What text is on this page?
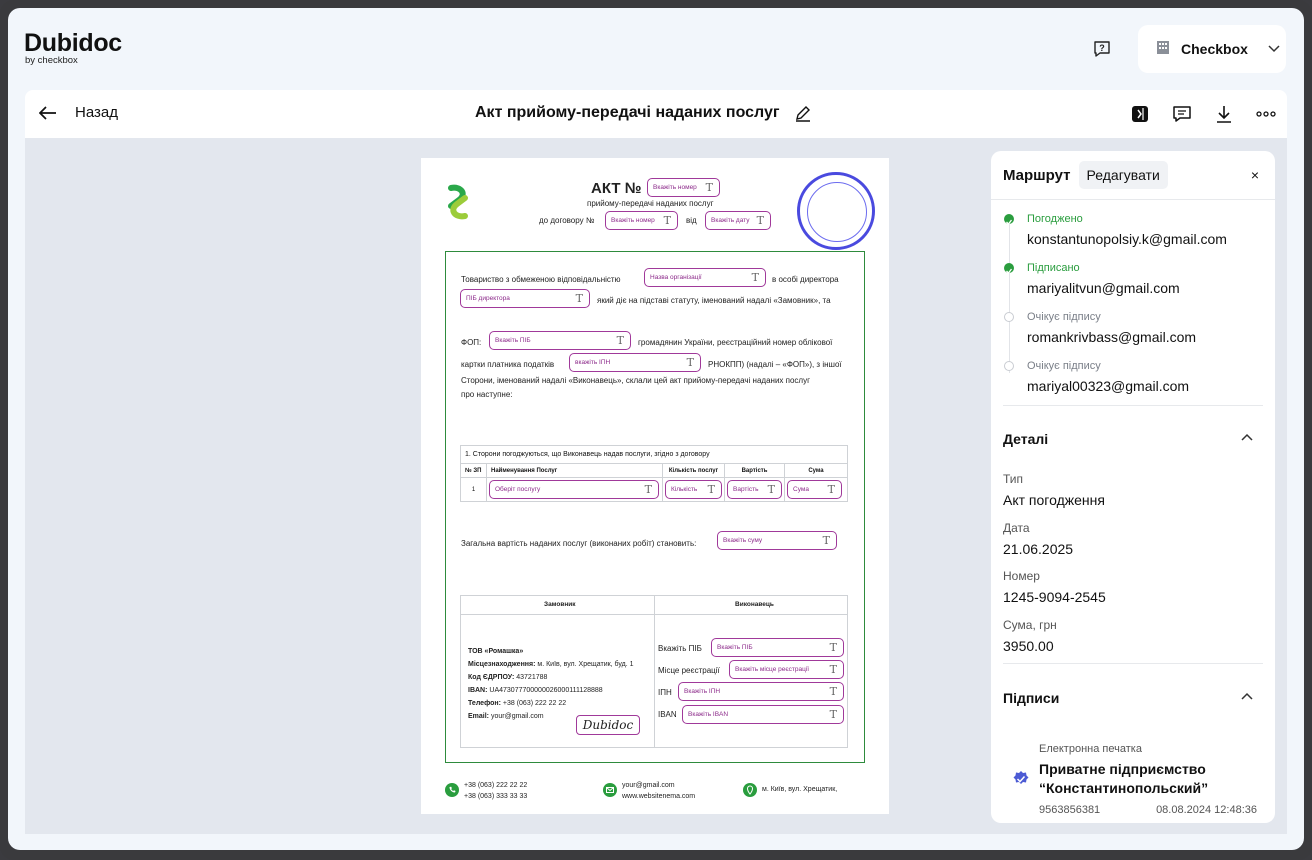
Dubidoc
by checkbox
?	Checkbox
Назад	Акт прийому-передачі наданих послуг
АКТ №	Вкажіть номер T
прийому-передачі наданих послуг
до договору №	Вкажіть номер T від	Вкажіть дату T
Товариство з обмеженою відповідальністю	Назва організації	T в особі директора
ПІБ директора	T який діє на підставі статуту, іменований надалі «Замовник», та
ФОП:	Вкажіть ПІБ	T громадянин України, реєстраційний номер облікової
картки платника податків	вкажіть ІПН	T РНОКПП) (надалі – «ФОП»), з іншої
Сторони, іменований надалі «Виконавець», склали цей акт прийому-передачі наданих послуг
про наступне:
1. Сторони погоджуються, що Виконавець надав послуги, згідно з договору				
№ ЗП	Найменування Послуг	Кількість послуг	Вартість	Сума
1	Оберіт послугу T	Кількість T	Вартість T	Сума T
Загальна вартість наданих послуг (виконаних робіт) становить:	Вкажіть суму	T
Замовник	Виконавець
ТОВ «Ромашка»
Місцезнаходження: м. Київ, вул. Хрещатик, буд. 1
Код ЄДРПОУ: 43721788
IBAN: UA473077700000026000111128888
Телефон: +38 (063) 222 22 22
Email: your@gmail.com
Dubidoc
Вкажіть ПІБ	Вкажіть ПІБ	T
Місце реєстрації	Вкажіть місце реєстрації T
ІПН	Вкажіть ІПН	T
IBAN	Вкажіть IBAN	T
+38 (063) 222 22 22
+38 (063) 333 33 33
your@gmail.com
www.websitenema.com
м. Київ, вул. Хрещатик,
Маршрут	Редагувати	×
Погоджено
konstantunopolsiy.k@gmail.com
Підписано
mariyalitvun@gmail.com
Очікує підпису
romankrivbass@gmail.com
Очікує підпису
mariyal00323@gmail.com
Деталі
Тип
Акт погодження
Дата
21.06.2025
Номер
1245-9094-2545
Сума, грн
3950.00
Підписи
Електронна печатка
Приватне підприємство
“Константинопольский”
9563856381	08.08.2024 12:48:36
